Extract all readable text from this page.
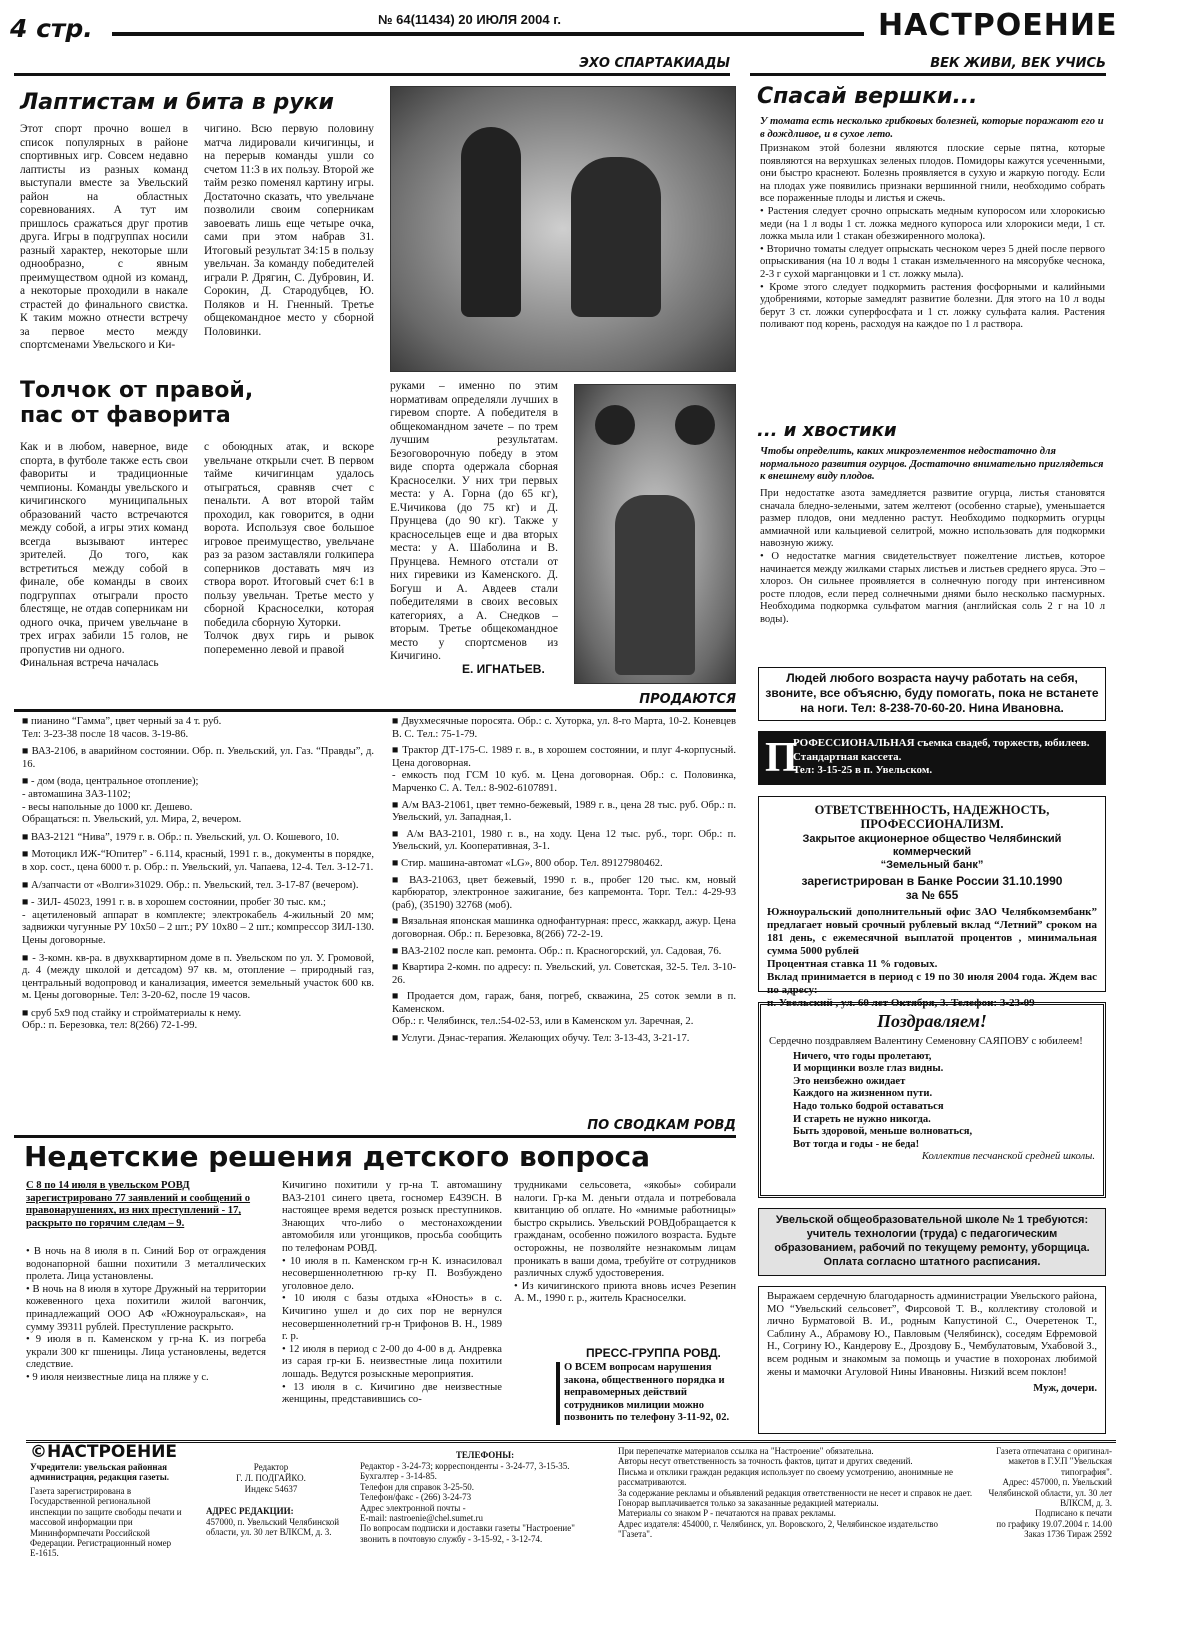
4 стр.	№ 64(11434) 20 ИЮЛЯ 2004 г.	НАСТРОЕНИЕ
ЭХО СПАРТАКИАДЫ	ВЕК ЖИВИ, ВЕК УЧИСЬ
Лаптистам и бита в руки
Этот спорт прочно вошел в список популярных в районе спортивных игр. Совсем недавно лаптисты из разных команд выступали вместе за Увельский район на областных соревнованиях. А тут им пришлось сражаться друг против друга. Игры в подгруппах носили разный характер, некоторые шли однообразно, с явным преимуществом одной из команд, а некоторые проходили в накале страстей до финального свистка. К таким можно отнести встречу за первое место между спортсменами Увельского и Ки-
чигино. Всю первую половину матча лидировали кичигинцы, и на перерыв команды ушли со счетом 11:3 в их пользу. Второй же тайм резко поменял картину игры. Достаточно сказать, что увельчане позволили своим соперникам завоевать лишь еще четыре очка, сами при этом набрав 31. Итоговый результат 34:15 в пользу увельчан. За команду победителей играли Р. Дрягин, С. Дубровин, И. Сорокин, Д. Стародубцев, Ю. Поляков и Н. Гненный. Третье общекомандное место у сборной Половинки.
Толчок от правой,
пас от фаворита
Как и в любом, наверное, виде спорта, в футболе также есть свои фавориты и традиционные чемпионы. Команды увельского и кичигинского муниципальных образований часто встречаются между собой, а игры этих команд всегда вызывают интерес зрителей. До того, как встретиться между собой в финале, обе команды в своих подгруппах отыграли просто блестяще, не отдав соперникам ни одного очка, причем увельчане в трех играх забили 15 голов, не пропустив ни одного.
Финальная встреча началась
с обоюдных атак, и вскоре увельчане открыли счет. В первом тайме кичигинцам удалось отыграться, сравняв счет с пенальти. А вот второй тайм проходил, как говорится, в одни ворота. Используя свое большое игровое преимущество, увельчане раз за разом заставляли голкипера соперников доставать мяч из створа ворот. Итоговый счет 6:1 в пользу увельчан. Третье место у сборной Красноселки, которая победила сборную Хуторки.
Толчок двух гирь и рывок попеременно левой и правой
руками – именно по этим нормативам определяли лучших в гиревом спорте. А победителя в общекомандном зачете – по трем лучшим результатам. Безоговорочную победу в этом виде спорта одержала сборная Красноселки. У них три первых места: у А. Горна (до 65 кг), Е.Чичикова (до 75 кг) и Д. Прунцева (до 90 кг). Также у красносельцев еще и два вторых места: у А. Шаболина и В. Прунцева. Немного отстали от них гиревики из Каменского. Д. Богуш и А. Авдеев стали победителями в своих весовых категориях, а А. Снедков – вторым. Третье общекомандное место у спортсменов из Кичигино.
Е. ИГНАТЬЕВ.
Спасай вершки...
У томата есть несколько грибковых болезней, которые поражают его и в дождливое, и в сухое лето.
Признаком этой болезни являются плоские серые пятна, которые появляются на верхушках зеленых плодов. Помидоры кажутся усеченными, они быстро краснеют. Болезнь проявляется в сухую и жаркую погоду. Если на плодах уже появились признаки вершинной гнили, необходимо собрать все пораженные плоды и листья и сжечь.
• Растения следует срочно опрыскать медным купоросом или хлорокисью меди (на 1 л воды 1 ст. ложка медного купороса или хлорокиси меди, 1 ст. ложка мыла или 1 стакан обезжиренного молока).
• Вторично томаты следует опрыскать чесноком через 5 дней после первого опрыскивания (на 10 л воды 1 стакан измельченного на мясорубке чеснока, 2-3 г сухой марганцовки и 1 ст. ложку мыла).
• Кроме этого следует подкормить растения фосфорными и калийными удобрениями, которые замедлят развитие болезни. Для этого на 10 л воды берут 3 ст. ложки суперфосфата и 1 ст. ложку сульфата калия. Растения поливают под корень, расходуя на каждое по 1 л раствора.
... и хвостики
Чтобы определить, каких микроэлементов недостаточно для нормального развития огурцов. Достаточно внимательно приглядеться к внешнему виду плодов.
При недостатке азота замедляется развитие огурца, листья становятся сначала бледно-зелеными, затем желтеют (особенно старые), уменьшается размер плодов, они медленно растут. Необходимо подкормить огурцы аммиачной или кальциевой селитрой, можно использовать для подкормки навозную жижу.
• О недостатке магния свидетельствует пожелтение листьев, которое начинается между жилками старых листьев и листьев среднего яруса. Это – хлороз. Он сильнее проявляется в солнечную погоду при интенсивном росте плодов, если перед солнечными днями было несколько пасмурных. Необходима подкормка сульфатом магния (английская соль 2 г на 10 л воды).
ПРОДАЮТСЯ
■ пианино “Гамма”, цвет черный за 4 т. руб.
Тел: 3-23-38 после 18 часов. 3-19-86.
■ ВАЗ-2106, в аварийном состоянии. Обр. п. Увельский, ул. Газ. “Правды”, д. 16.
■ - дом (вода, центральное отопление);
- автомашина ЗАЗ-1102;
- весы напольные до 1000 кг. Дешево.
Обращаться: п. Увельский, ул. Мира, 2, вечером.
■ ВАЗ-2121 “Нива”, 1979 г. в. Обр.: п. Увельский, ул. О. Кошевого, 10.
■ Мотоцикл ИЖ-“Юпитер” - 6.114, красный, 1991 г. в., документы в порядке, в хор. сост., цена 6000 т. р. Обр.: п. Увельский, ул. Чапаева, 12-4. Тел. 3-12-71.
■ А/запчасти от «Волги»31029. Обр.: п. Увельский, тел. 3-17-87 (вечером).
■ - ЗИЛ- 45023, 1991 г. в. в хорошем состоянии, пробег 30 тыс. км.;
- ацетиленовый аппарат в комплекте; электрокабель 4-жильный 20 мм; задвижки чугунные РУ 10х50 – 2 шт.; РУ 10х80 – 2 шт.; компрессор ЗИЛ-130. Цены договорные.
■ - 3-комн. кв-ра. в двухквартирном доме в п. Увельском по ул. У. Громовой, д. 4 (между школой и детсадом) 97 кв. м, отопление – природный газ, центральный водопровод и канализация, имеется земельный участок 600 кв. м. Цены договорные. Тел: 3-20-62, после 19 часов.
■ сруб 5х9 под стайку и стройматериалы к нему.
Обр.: п. Березовка, тел: 8(266) 72-1-99.
■ Двухмесячные поросята. Обр.: с. Хуторка, ул. 8-го Марта, 10-2. Коневцев В. С. Тел.: 75-1-79.
■ Трактор ДТ-175-С. 1989 г. в., в хорошем состоянии, и плуг 4-корпусный. Цена договорная.
- емкость под ГСМ 10 куб. м. Цена договорная. Обр.: с. Половинка, Марченко С. А. Тел.: 8-902-6107891.
■ А/м ВАЗ-21061, цвет темно-бежевый, 1989 г. в., цена 28 тыс. руб. Обр.: п. Увельский, ул. Западная,1.
■ А/м ВАЗ-2101, 1980 г. в., на ходу. Цена 12 тыс. руб., торг. Обр.: п. Увельский, ул. Кооперативная, 3-1.
■ Стир. машина-автомат «LG», 800 обор. Тел. 89127980462.
■ ВАЗ-21063, цвет бежевый, 1990 г. в., пробег 120 тыс. км, новый карбюратор, электронное зажигание, без капремонта. Торг. Тел.: 4-29-93 (раб), (35190) 32768 (моб).
■ Вязальная японская машинка однофантурная: пресс, жаккард, ажур. Цена договорная. Обр.: п. Березовка, 8(266) 72-2-19.
■ ВАЗ-2102 после кап. ремонта. Обр.: п. Красногорский, ул. Садовая, 76.
■ Квартира 2-комн. по адресу: п. Увельский, ул. Советская, 32-5. Тел. 3-10-26.
■ Продается дом, гараж, баня, погреб, скважина, 25 соток земли в п. Каменском.
Обр.: г. Челябинск, тел.:54-02-53, или в Каменском ул. Заречная, 2.
■ Услуги. Дэнас-терапия. Желающих обучу. Тел: 3-13-43, 3-21-17.
ПО СВОДКАМ РОВД
Недетские решения детского вопроса
С 8 по 14 июля в увельском РОВД зарегистрировано 77 заявлений и сообщений о правонарушениях, из них преступлений - 17, раскрыто по горячим следам – 9.
• В ночь на 8 июля в п. Синий Бор от ограждения водонапорной башни похитили 3 металлических пролета. Лица установлены.
• В ночь на 8 июля в хуторе Дружный на территории кожевенного цеха похитили жилой вагончик, принадлежащий ООО АФ «Южноуральская», на сумму 39311 рублей. Преступление раскрыто.
• 9 июля в п. Каменском у гр-на К. из погреба украли 300 кг пшеницы. Лица установлены, ведется следствие.
• 9 июля неизвестные лица на пляже у с.
Кичигино похитили у гр-на Т. автомашину ВАЗ-2101 синего цвета, госномер Е439СН. В настоящее время ведется розыск преступников. Знающих что-либо о местонахождении автомобиля или угонщиков, просьба сообщить по телефонам РОВД.
• 10 июля в п. Каменском гр-н К. изнасиловал несовершеннолетнюю гр-ку П. Возбуждено уголовное дело.
• 10 июля с базы отдыха «Юность» в с. Кичигино ушел и до сих пор не вернулся несовершеннолетний гр-н Трифонов В. Н., 1989 г. р.
• 12 июля в период с 2-00 до 4-00 в д. Андревка из сарая гр-ки Б. неизвестные лица похитили лошадь. Ведутся розыскные мероприятия.
• 13 июля в с. Кичигино две неизвестные женщины, представившись со-
трудниками сельсовета, «якобы» собирали налоги. Гр-ка М. деньги отдала и потребовала квитанцию об оплате. Но «мнимые работницы» быстро скрылись. Увельский РОВДобращается к гражданам, особенно пожилого возраста. Будьте осторожны, не позволяйте незнакомым лицам проникать в ваши дома, требуйте от сотрудников различных служб удостоверения.
• Из кичигинского приюта вновь исчез Резепин А. М., 1990 г. р., житель Красноселки.
ПРЕСС-ГРУППА РОВД.
О ВСЕМ вопросам нарушения закона, общественного порядка и неправомерных действий сотрудников милиции можно позвонить по телефону 3-11-92, 02.
Людей любого возраста научу работать на себя,
звоните, все объясню, буду помогать, пока не встанете на ноги. Тел: 8-238-70-60-20. Нина Ивановна.
П
РОФЕССИОНАЛЬНАЯ съемка свадеб, торжеств, юбилеев. Стандартная кассета.
Тел: 3-15-25 в п. Увельском.
ОТВЕТСТВЕННОСТЬ, НАДЕЖНОСТЬ,
ПРОФЕССИОНАЛИЗМ.
Закрытое акционерное общество Челябинский коммерческий
“Земельный банк”
зарегистрирован в Банке России 31.10.1990
за № 655
Южноуральский дополнительный офис ЗАО Челябкомзембанк” предлагает новый срочный рублевый вклад “Летний” сроком на 181 день, с ежемесячной выплатой процентов , минимальная сумма 5000 рублей
Процентная ставка 11 % годовых.
Вклад принимается в период с 19 по 30 июля 2004 года. Ждем вас по адресу:
п. Увельский , ул. 60 лет Октября, 3. Телефон: 3-23-09
Поздравляем!
Сердечно поздравляем Валентину Семеновну САЯПОВУ с юбилеем!
Ничего, что годы пролетают,
И морщинки возле глаз видны.
Это неизбежно ожидает
Каждого на жизненном пути.
Надо только бодрой оставаться
И стареть не нужно никогда.
Быть здоровой, меньше волноваться,
Вот тогда и годы - не беда!
Коллектив песчанской средней школы.
Увельской общеобразовательной школе № 1 требуются: учитель технологии (труда) с педагогическим образованием, рабочий по текущему ремонту, уборщица. Оплата согласно штатного расписания.
Выражаем сердечную благодарность администрации Увельского района, МО “Увельский сельсовет”, Фирсовой Т. В., коллективу столовой и лично Бурматовой В. И., родным Капустиной С., Очеретенок Т., Саблину А., Абрамову Ю., Павловым (Челябинск), соседям Ефремовой Н., Согрину Ю., Кандерову Е., Дроздову Б., Чембулатовым, Ухабовой З., всем родным и знакомым за помощь и участие в похоронах любимой жены и мамочки Агуловой Нины Ивановны. Низкий всем поклон!
Муж, дочери.
©НАСТРОЕНИЕ
Учредители: увельская районная администрация, редакция газеты.
Газета зарегистрирована в Государственной региональной инспекции по защите свободы печати и массовой информации при Мининформпечати Российской Федерации. Регистрационный номер Е-1615.
Редактор
Г. Л. ПОДГАЙКО.
Индекс 54637
АДРЕС РЕДАКЦИИ:
457000, п. Увельский Челябинской области, ул. 30 лет ВЛКСМ, д. 3.
ТЕЛЕФОНЫ:
Редактор - 3-24-73; корреспонденты - 3-24-77, 3-15-35.
Бухгалтер - 3-14-85.
Телефон для справок 3-25-50.
Телефон/факс - (266) 3-24-73
Адрес электронной почты -
E-mail: nastroenie@chel.sumet.ru
По вопросам подписки и доставки газеты "Настроение"
звонить в почтовую службу - 3-15-92, - 3-12-74.
При перепечатке материалов ссылка на "Настроение" обязательна.
Авторы несут ответственность за точность фактов, цитат и других сведений.
Письма и отклики граждан редакция использует по своему усмотрению, анонимные не рассматриваются.
За содержание рекламы и объявлений редакция ответственности не несет и справок не дает.
Гонорар выплачивается только за заказанные редакцией материалы.
Материалы со знаком P - печатаются на правах рекламы.
Адрес издателя: 454000, г. Челябинск, ул. Воровского, 2, Челябинское издательство "Газета".
Газета отпечатана с оригинал-макетов в Г.У.П "Увельская типография".
Адрес: 457000, п. Увельский Челябинской области, ул. 30 лет ВЛКСМ, д. 3.
Подписано к печати
по графику 19.07.2004 г. 14.00
Заказ 1736 Тираж 2592
